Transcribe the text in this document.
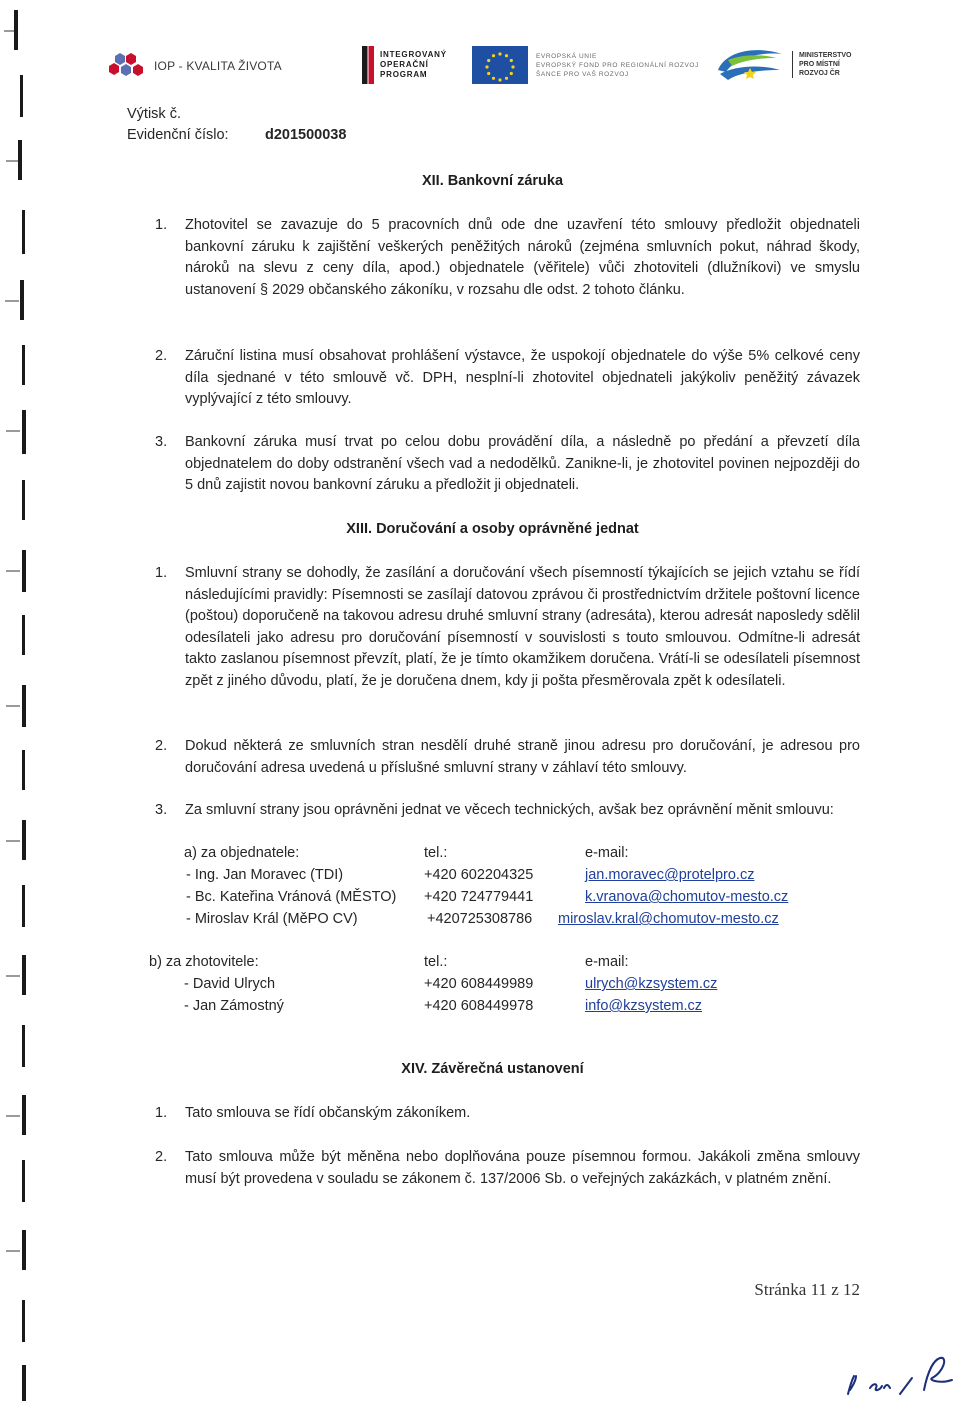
IOP - KVALITA ŽIVOTA
INTEGROVANÝ
OPERAČNÍ
PROGRAM
EVROPSKÁ UNIE
EVROPSKÝ FOND PRO REGIONÁLNÍ ROZVOJ
ŠANCE PRO VAŠ ROZVOJ
MINISTERSTVO
PRO MÍSTNÍ
ROZVOJ ČR
Výtisk č.
Evidenční číslo:	d201500038
XII. Bankovní záruka
1. Zhotovitel se zavazuje do 5 pracovních dnů ode dne uzavření této smlouvy předložit objednateli bankovní záruku k zajištění veškerých peněžitých nároků (zejména smluvních pokut, náhrad škody, nároků na slevu z ceny díla, apod.) objednatele (věřitele) vůči zhotoviteli (dlužníkovi) ve smyslu ustanovení § 2029 občanského zákoníku, v rozsahu dle odst. 2 tohoto článku.
2. Záruční listina musí obsahovat prohlášení výstavce, že uspokojí objednatele do výše 5% celkové ceny díla sjednané v této smlouvě vč. DPH, nesplní-li zhotovitel objednateli jakýkoliv peněžitý závazek vyplývající z této smlouvy.
3. Bankovní záruka musí trvat po celou dobu provádění díla, a následně po předání a převzetí díla objednatelem do doby odstranění všech vad a nedodělků. Zanikne-li, je zhotovitel povinen nejpozději do 5 dnů zajistit novou bankovní záruku a předložit ji objednateli.
XIII. Doručování a osoby oprávněné jednat
1. Smluvní strany se dohodly, že zasílání a doručování všech písemností týkajících se jejich vztahu se řídí následujícími pravidly: Písemnosti se zasílají datovou zprávou či prostřednictvím držitele poštovní licence (poštou) doporučeně na takovou adresu druhé smluvní strany (adresáta), kterou adresát naposledy sdělil odesílateli jako adresu pro doručování písemností v souvislosti s touto smlouvou. Odmítne-li adresát takto zaslanou písemnost převzít, platí, že je tímto okamžikem doručena. Vrátí-li se odesílateli písemnost zpět z jiného důvodu, platí, že je doručena dnem, kdy ji pošta přesměrovala zpět k odesílateli.
2. Dokud některá ze smluvních stran nesdělí druhé straně jinou adresu pro doručování, je adresou pro doručování adresa uvedená u příslušné smluvní strany v záhlaví této smlouvy.
3. Za smluvní strany jsou oprávněni jednat ve věcech technických, avšak bez oprávnění měnit smlouvu:
a) za objednatele:	tel.:	e-mail:
- Ing. Jan Moravec (TDI)	+420 602204325	jan.moravec@protelpro.cz
- Bc. Kateřina Vránová (MĚSTO) +420 724779441	k.vranova@chomutov-mesto.cz
- Miroslav Král (MěPO CV)	+420725308786 miroslav.kral@chomutov-mesto.cz
b) za zhotovitele:	tel.:	e-mail:
- David Ulrych	+420 608449989	ulrych@kzsystem.cz
- Jan Zámostný	+420 608449978	info@kzsystem.cz
XIV. Závěrečná ustanovení
1. Tato smlouva se řídí občanským zákoníkem.
2. Tato smlouva může být měněna nebo doplňována pouze písemnou formou. Jakákoli změna smlouvy musí být provedena v souladu se zákonem č. 137/2006 Sb. o veřejných zakázkách, v platném znění.
Stránka 11 z 12
